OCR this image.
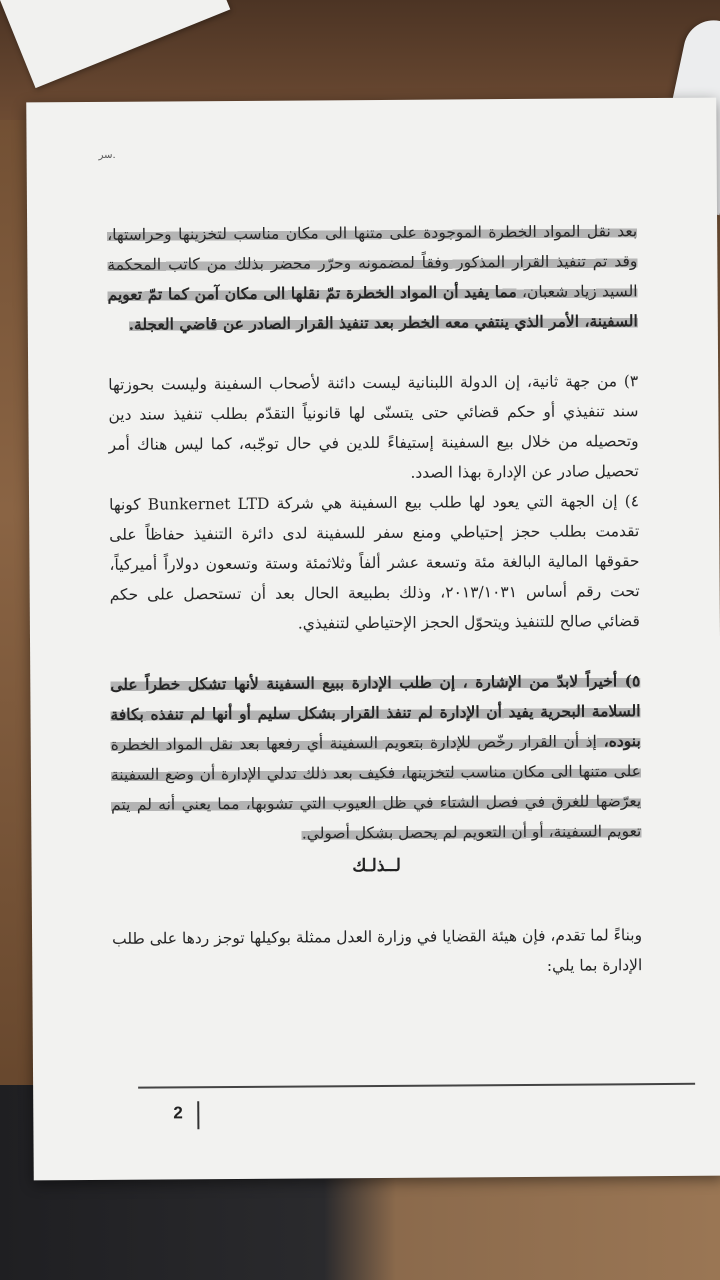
سر.
بعد نقل المواد الخطرة الموجودة على متنها الى مكان مناسب لتخزينها وحراستها، وقد تم تنفيذ القرار المذكور وفقاً لمضمونه وحرّر محضر بذلك من كاتب المحكمة السيد زياد شعبان، مما يفيد أن المواد الخطرة تمّ نقلها الى مكان آمن كما تمّ تعويم السفينة، الأمر الذي ينتفي معه الخطر بعد تنفيذ القرار الصادر عن قاضي العجلة.
٣) من جهة ثانية، إن الدولة اللبنانية ليست دائنة لأصحاب السفينة وليست بحوزتها سند تنفيذي أو حكم قضائي حتى يتسنّى لها قانونياً التقدّم بطلب تنفيذ سند دين وتحصيله من خلال بيع السفينة إستيفاءً للدين في حال توجّبه، كما ليس هناك أمر تحصيل صادر عن الإدارة بهذا الصدد.
٤) إن الجهة التي يعود لها طلب بيع السفينة هي شركة Bunkernet LTD كونها تقدمت بطلب حجز إحتياطي ومنع سفر للسفينة لدى دائرة التنفيذ حفاظاً على حقوقها المالية البالغة مئة وتسعة عشر ألفاً وثلاثمئة وستة وتسعون دولاراً أميركياً، تحت رقم أساس ٢٠١٣/١٠٣١، وذلك بطبيعة الحال بعد أن تستحصل على حكم قضائي صالح للتنفيذ ويتحوّل الحجز الإحتياطي لتنفيذي.
٥) أخيراً لابدّ من الإشارة ، إن طلب الإدارة ببيع السفينة لأنها تشكل خطراً على السلامة البحرية يفيد أن الإدارة لم تنفذ القرار بشكل سليم أو أنها لم تنفذه بكافة بنوده، إذ أن القرار رخّص للإدارة بتعويم السفينة أي رفعها بعد نقل المواد الخطرة على متنها الى مكان مناسب لتخزينها، فكيف بعد ذلك تدلي الإدارة أن وضع السفينة يعرّضها للغرق في فصل الشتاء في ظل العيوب التي تشوبها، مما يعني أنه لم يتم تعويم السفينة، أو أن التعويم لم يحصل بشكل أصولي.
لــذلـك
وبناءً لما تقدم، فإن هيئة القضايا في وزارة العدل ممثلة بوكيلها توجز ردها على طلب الإدارة بما يلي:
2
